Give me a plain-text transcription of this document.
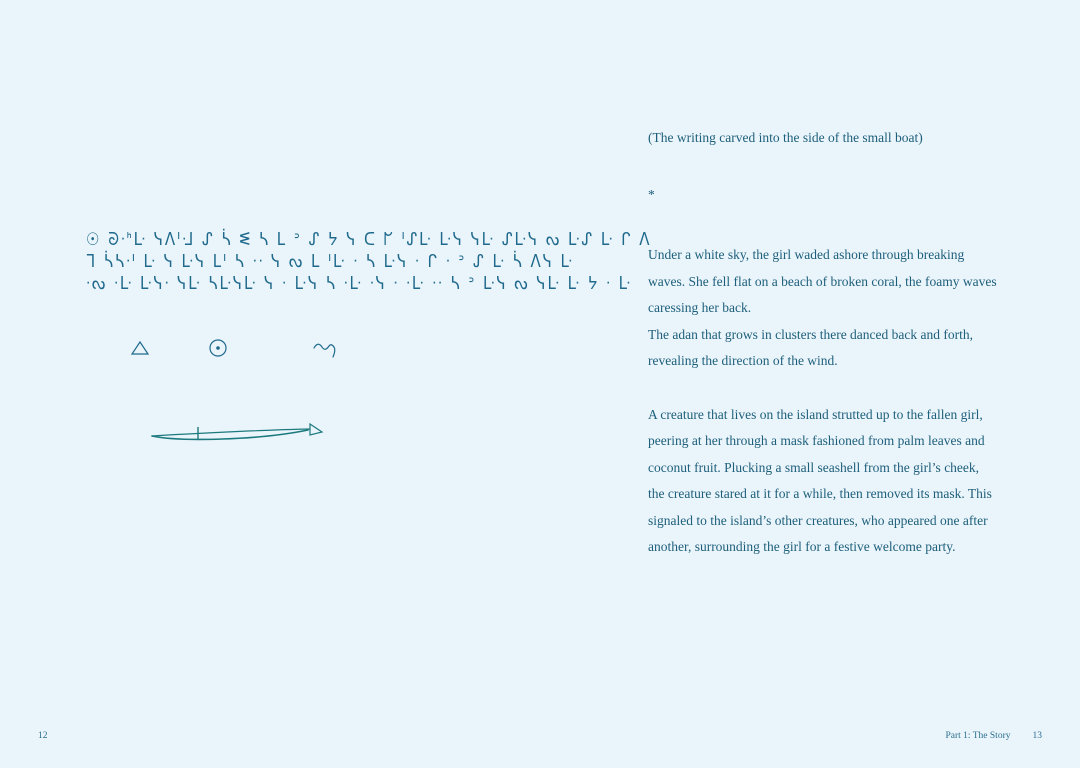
☉ ᘐᐧᑋᒷ ᓭᐱᑊᒲ ᔑ ᓵ ᓬ ᓴ ᒪ ᐣ ᔑ ᔭ ᓭ ᑕ ᖸ ᑊᔑᒷ ᒷᓭ ᓭᒷ ᔑᒷᓭ ᔓ ᒷᔑ ᒷ ᒋ ᐱ
ᒣ ᓵᓴᐧᑊ ᒷ ᓭ ᒷᓭ ᒪᑊ ᓴ ᐧᐧ ᓭ ᔓ ᒪ ᑊᒷ ᐧ ᓴ ᒷᓭ ᐧ ᒋ ᐧ ᐣ ᔑ ᒷ ᓵ ᐱᓭ ᒷ
ᐧᔓ ᐧᒷ ᒷᓭᐧ ᓭᒷ ᓴᒷᓭᒷ ᓭ ᐧ ᒷᓭ ᓴ ᐧᒷ ᐧᓭ ᐧ ᐧᒷ ᐧᐧ ᓴ ᐣ ᒷᓭ ᔓ ᓭᒷ ᒷ ᔭ ᐧ ᒷ
12

(The writing carved into the side of the small boat)

*

Under a white sky, the girl waded ashore through breaking waves. She fell flat on a beach of broken coral, the foamy waves caressing her back.
The adan that grows in clusters there danced back and forth, revealing the direction of the wind.

A creature that lives on the island strutted up to the fallen girl, peering at her through a mask fashioned from palm leaves and coconut fruit. Plucking a small seashell from the girl’s cheek, the creature stared at it for a while, then removed its mask. This signaled to the island’s other creatures, who appeared one after another, surrounding the girl for a festive welcome party.

Part 1: The Story 13
